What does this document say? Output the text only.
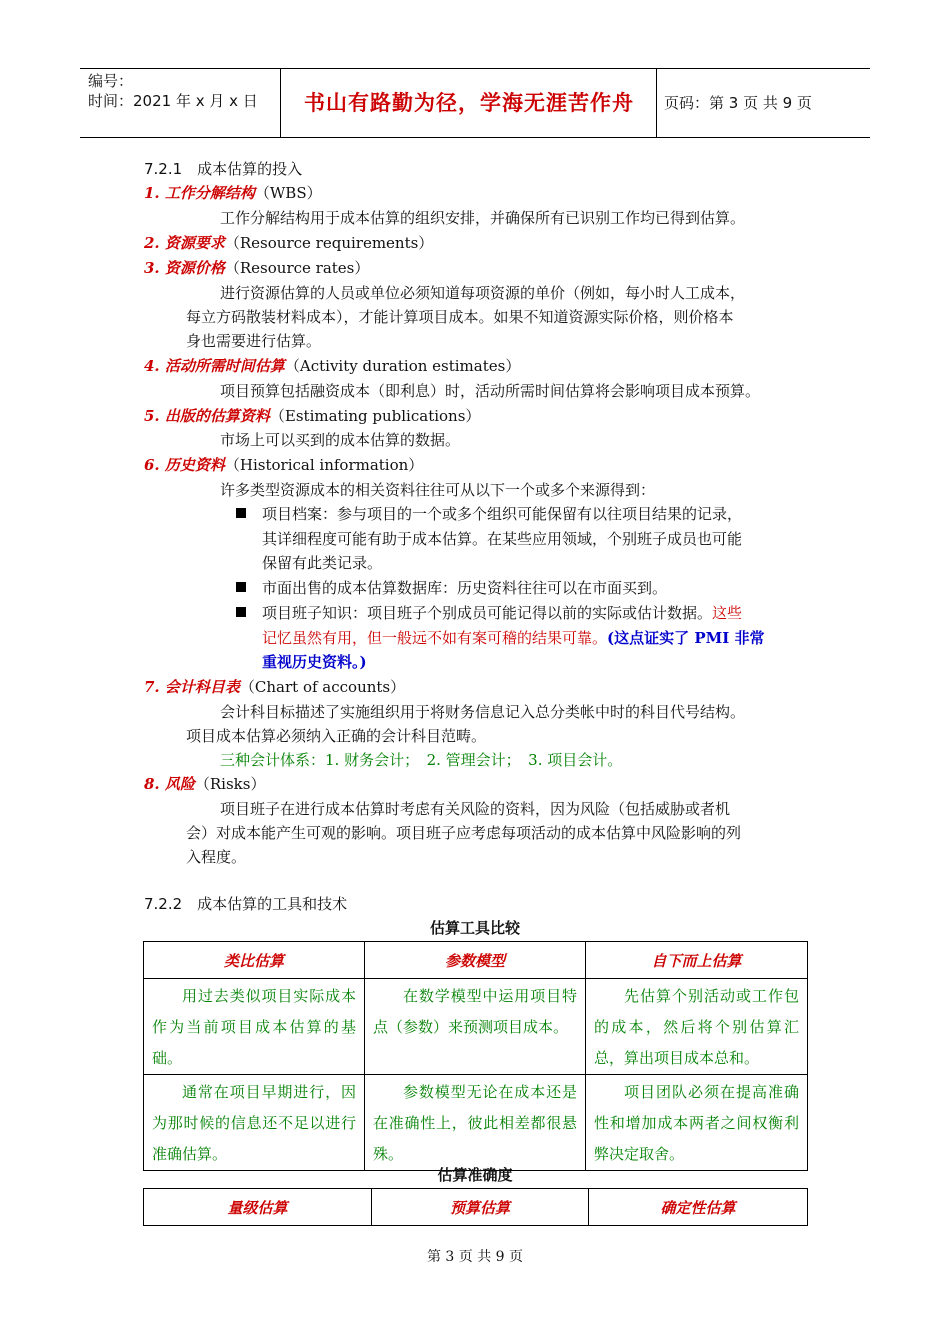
编号：
时间：2021 年 x 月 x 日	书山有路勤为径，学海无涯苦作舟	页码：第 3 页 共 9 页
7.2.1　成本估算的投入
1. 工作分解结构（WBS）
工作分解结构用于成本估算的组织安排，并确保所有已识别工作均已得到估算。
2. 资源要求（Resource requirements）
3. 资源价格（Resource rates）
进行资源估算的人员或单位必须知道每项资源的单价（例如，每小时人工成本，
每立方码散装材料成本），才能计算项目成本。如果不知道资源实际价格，则价格本
身也需要进行估算。
4. 活动所需时间估算（Activity duration estimates）
项目预算包括融资成本（即利息）时，活动所需时间估算将会影响项目成本预算。
5. 出版的估算资料（Estimating publications）
市场上可以买到的成本估算的数据。
6. 历史资料（Historical information）
许多类型资源成本的相关资料往往可从以下一个或多个来源得到：
项目档案：参与项目的一个或多个组织可能保留有以往项目结果的记录，
其详细程度可能有助于成本估算。在某些应用领域，个别班子成员也可能
保留有此类记录。
市面出售的成本估算数据库：历史资料往往可以在市面买到。
项目班子知识：项目班子个别成员可能记得以前的实际或估计数据。这些
记忆虽然有用，但一般远不如有案可稽的结果可靠。(这点证实了 PMI 非常
重视历史资料。)
7. 会计科目表（Chart of accounts）
会计科目标描述了实施组织用于将财务信息记入总分类帐中时的科目代号结构。
项目成本估算必须纳入正确的会计科目范畴。
三种会计体系：1. 财务会计；　2. 管理会计；　3. 项目会计。
8. 风险（Risks）
项目班子在进行成本估算时考虑有关风险的资料，因为风险（包括威胁或者机
会）对成本能产生可观的影响。项目班子应考虑每项活动的成本估算中风险影响的列
入程度。
7.2.2　成本估算的工具和技术
估算工具比较
类比估算	参数模型	自下而上估算
用过去类似项目实际成本作为当前项目成本估算的基础。	在数学模型中运用项目特点（参数）来预测项目成本。	先估算个别活动或工作包的成本，然后将个别估算汇总，算出项目成本总和。
通常在项目早期进行，因为那时候的信息还不足以进行准确估算。	参数模型无论在成本还是在准确性上，彼此相差都很悬殊。	项目团队必须在提高准确性和增加成本两者之间权衡利弊决定取舍。
估算准确度
量级估算	预算估算	确定性估算
第 3 页 共 9 页
